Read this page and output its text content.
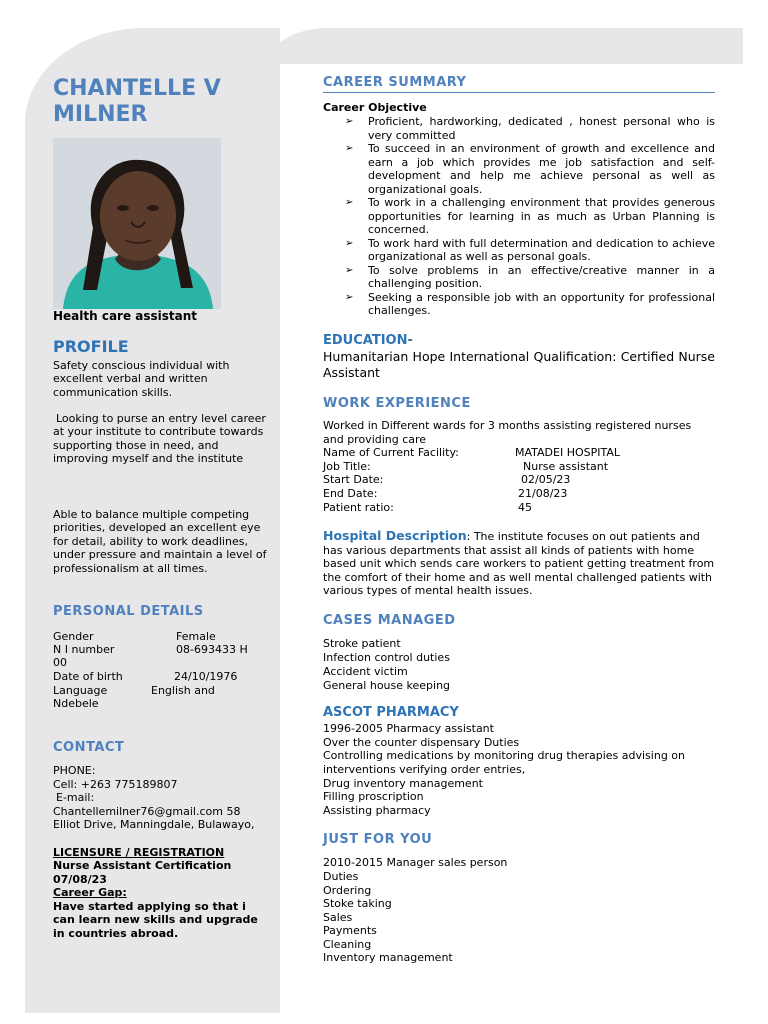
CHANTELLE V
MILNER
Health care assistant
PROFILE

Safety conscious individual with excellent verbal and written communication skills.

Looking to purse an entry level career at your institute to contribute towards supporting those in need, and improving myself and the institute

Able to balance multiple competing priorities, developed an excellent eye for detail, ability to work deadlines, under pressure and maintain a level of professionalism at all times.

PERSONAL DETAILS
Gender	Female
N I number	08-693433 H
00
Date of birth	24/10/1976
Language	English and
Ndebele
CONTACT
PHONE:
Cell: +263 775189807
E-mail:
Chantellemilner76@gmail.com 58
Elliot Drive, Manningdale, Bulawayo,
LICENSURE / REGISTRATION
Nurse Assistant Certification
07/08/23
Career Gap:
Have started applying so that i can learn new skills and upgrade in countries abroad.
CAREER SUMMARY
Career Objective
➢ Proficient, hardworking, dedicated , honest personal who is very committed
➢ To succeed in an environment of growth and excellence and earn a job which provides me job satisfaction and self-development and help me achieve personal as well as organizational goals.
➢ To work in a challenging environment that provides generous opportunities for learning in as much as Urban Planning is concerned.
➢ To work hard with full determination and dedication to achieve organizational as well as personal goals.
➢ To solve problems in an effective/creative manner in a challenging position.
➢ Seeking a responsible job with an opportunity for professional challenges.
EDUCATION-

Humanitarian Hope International Qualification: Certified Nurse Assistant

WORK EXPERIENCE

Worked in Different wards for 3 months assisting registered nurses and providing care

Name of Current Facility:	MATADEI HOSPITAL
Job Title:	Nurse assistant
Start Date:	02/05/23
End Date:	21/08/23
Patient ratio:	45

Hospital Description: The institute focuses on out patients and has various departments that assist all kinds of patients with home based unit which sends care workers to patient getting treatment from the comfort of their home and as well mental challenged patients with various types of mental health issues.

CASES MANAGED
Stroke patient
Infection control duties
Accident victim
General house keeping
ASCOT PHARMACY
1996-2005 Pharmacy assistant
Over the counter dispensary Duties
Controlling medications by monitoring drug therapies advising on interventions verifying order entries,
Drug inventory management
Filling proscription
Assisting pharmacy
JUST FOR YOU
2010-2015 Manager sales person
Duties
Ordering
Stoke taking
Sales
Payments
Cleaning
Inventory management
